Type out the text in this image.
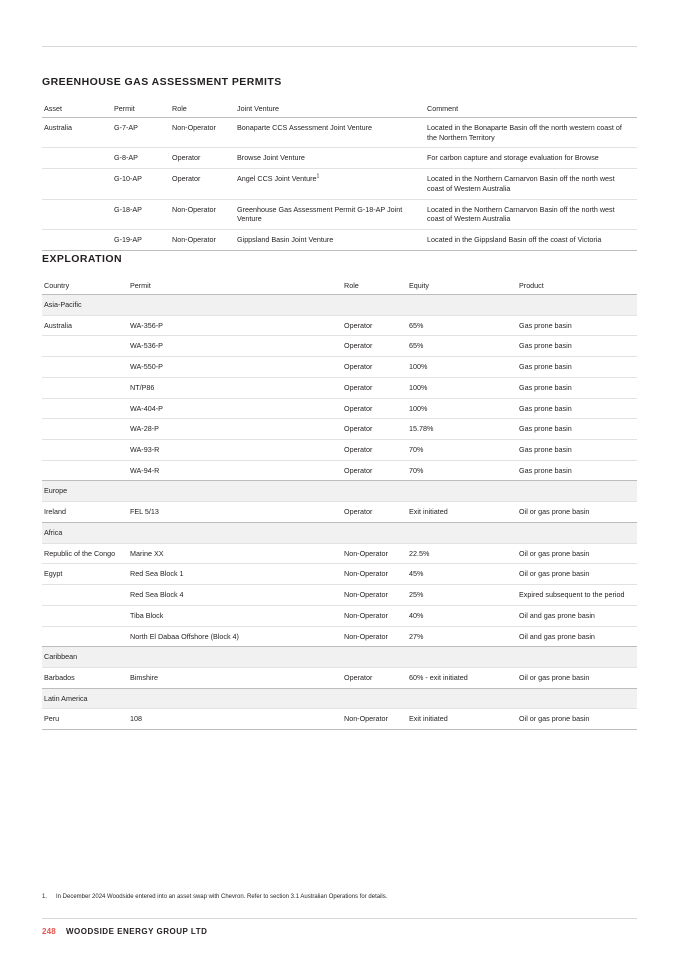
GREENHOUSE GAS ASSESSMENT PERMITS
Asset	Permit	Role	Joint Venture	Comment
Australia	G-7-AP	Non-Operator	Bonaparte CCS Assessment Joint Venture	Located in the Bonaparte Basin off the north western coast of the Northern Territory
	G-8-AP	Operator	Browse Joint Venture	For carbon capture and storage evaluation for Browse
	G-10-AP	Operator	Angel CCS Joint Venture$^1$	Located in the Northern Carnarvon Basin off the north west coast of Western Australia
	G-18-AP	Non-Operator	Greenhouse Gas Assessment Permit G-18-AP Joint Venture	Located in the Northern Carnarvon Basin off the north west coast of Western Australia
	G-19-AP	Non-Operator	Gippsland Basin Joint Venture	Located in the Gippsland Basin off the coast of Victoria
EXPLORATION
Country	Permit	Role	Equity	Product
Asia-Pacific				
Australia	WA-356-P	Operator	65%	Gas prone basin
	WA-536-P	Operator	65%	Gas prone basin
	WA-550-P	Operator	100%	Gas prone basin
	NT/P86	Operator	100%	Gas prone basin
	WA-404-P	Operator	100%	Gas prone basin
	WA-28-P	Operator	15.78%	Gas prone basin
	WA-93-R	Operator	70%	Gas prone basin
	WA-94-R	Operator	70%	Gas prone basin
Europe				
Ireland	FEL 5/13	Operator	Exit initiated	Oil or gas prone basin
Africa				
Republic of the Congo	Marine XX	Non-Operator	22.5%	Oil or gas prone basin
Egypt	Red Sea Block 1	Non-Operator	45%	Oil or gas prone basin
	Red Sea Block 4	Non-Operator	25%	Expired subsequent to the period
	Tiba Block	Non-Operator	40%	Oil and gas prone basin
	North El Dabaa Offshore (Block 4)	Non-Operator	27%	Oil and gas prone basin
Caribbean				
Barbados	Bimshire	Operator	60% - exit initiated	Oil or gas prone basin
Latin America				
Peru	108	Non-Operator	Exit initiated	Oil or gas prone basin
1.	In December 2024 Woodside entered into an asset swap with Chevron. Refer to section 3.1 Australian Operations for details.
248 WOODSIDE ENERGY GROUP LTD
